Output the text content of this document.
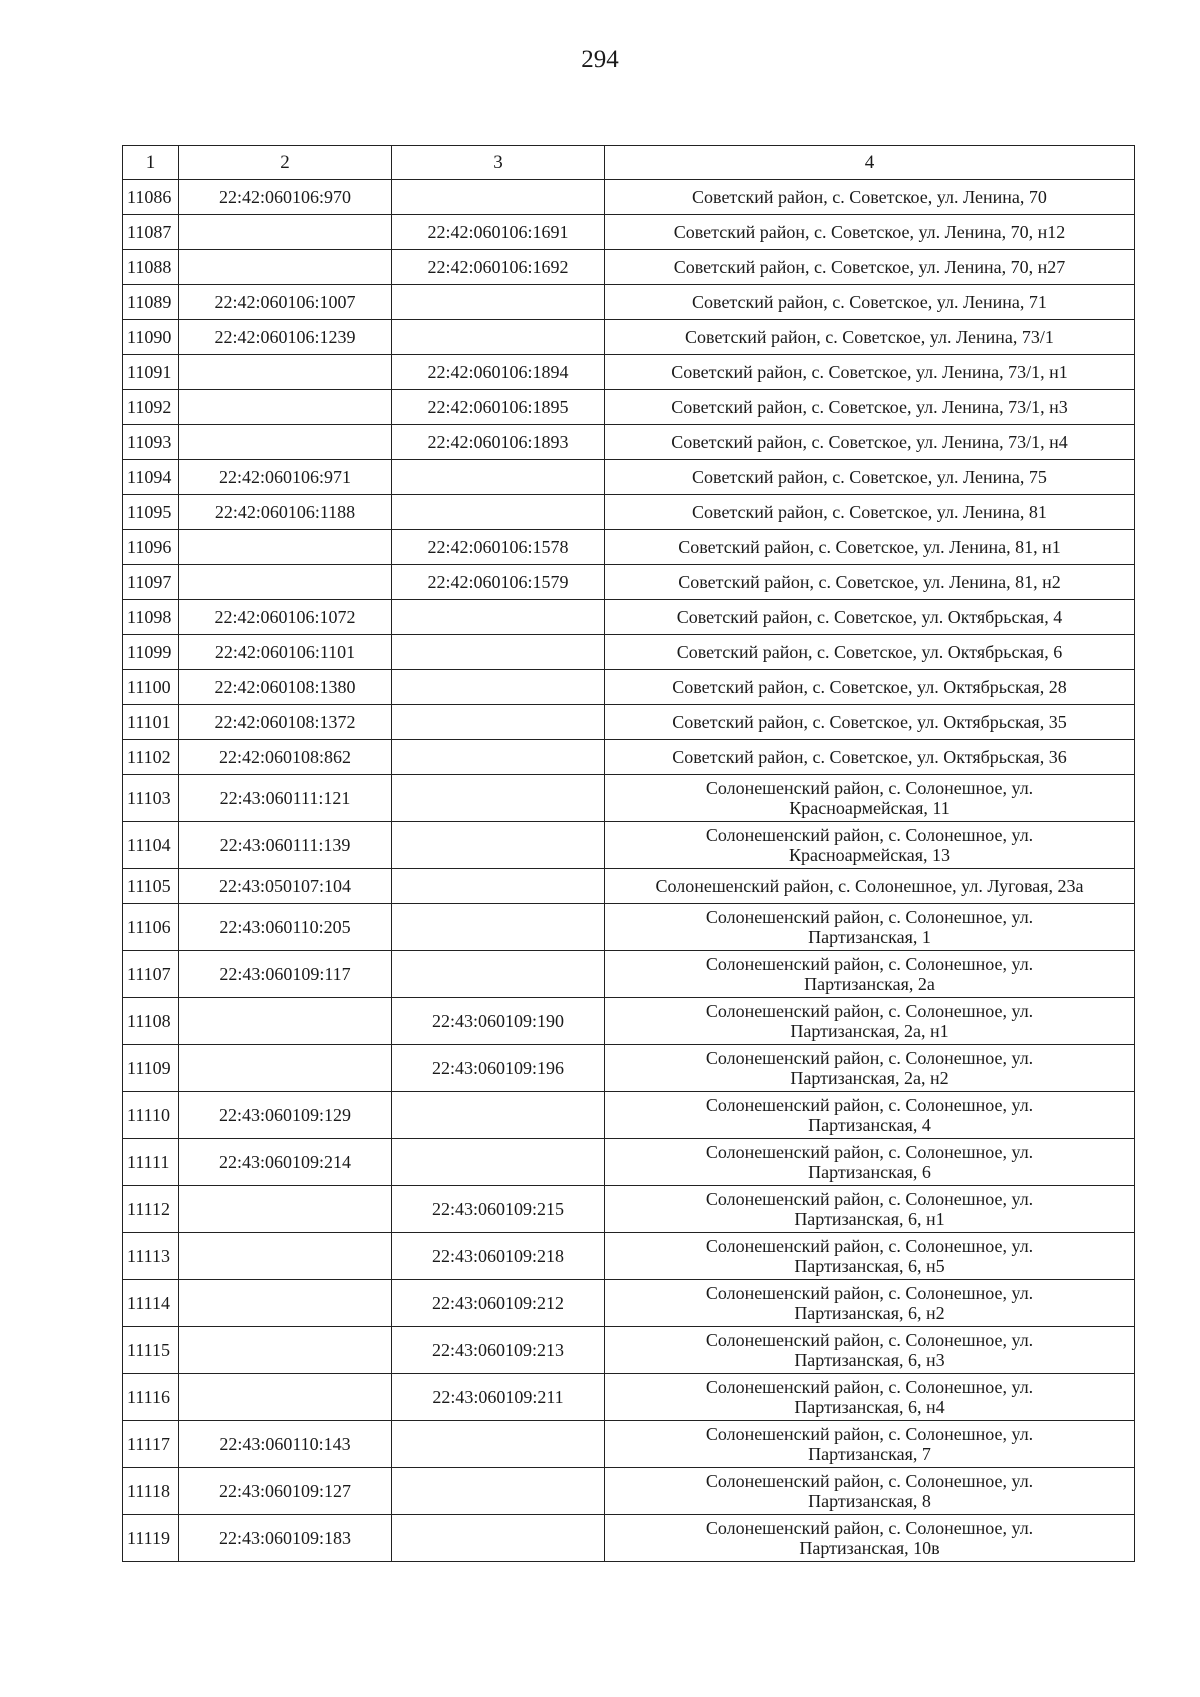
294
1	2	3	4
11086	22:42:060106:970		Советский район, с. Советское, ул. Ленина, 70
11087		22:42:060106:1691	Советский район, с. Советское, ул. Ленина, 70, н12
11088		22:42:060106:1692	Советский район, с. Советское, ул. Ленина, 70, н27
11089	22:42:060106:1007		Советский район, с. Советское, ул. Ленина, 71
11090	22:42:060106:1239		Советский район, с. Советское, ул. Ленина, 73/1
11091		22:42:060106:1894	Советский район, с. Советское, ул. Ленина, 73/1, н1
11092		22:42:060106:1895	Советский район, с. Советское, ул. Ленина, 73/1, н3
11093		22:42:060106:1893	Советский район, с. Советское, ул. Ленина, 73/1, н4
11094	22:42:060106:971		Советский район, с. Советское, ул. Ленина, 75
11095	22:42:060106:1188		Советский район, с. Советское, ул. Ленина, 81
11096		22:42:060106:1578	Советский район, с. Советское, ул. Ленина, 81, н1
11097		22:42:060106:1579	Советский район, с. Советское, ул. Ленина, 81, н2
11098	22:42:060106:1072		Советский район, с. Советское, ул. Октябрьская, 4
11099	22:42:060106:1101		Советский район, с. Советское, ул. Октябрьская, 6
11100	22:42:060108:1380		Советский район, с. Советское, ул. Октябрьская, 28
11101	22:42:060108:1372		Советский район, с. Советское, ул. Октябрьская, 35
11102	22:42:060108:862		Советский район, с. Советское, ул. Октябрьская, 36
11103	22:43:060111:121		Солонешенский район, с. Солонешное, ул.
Красноармейская, 11

11104	22:43:060111:139		Солонешенский район, с. Солонешное, ул.
Красноармейская, 13

11105	22:43:050107:104		Солонешенский район, с. Солонешное, ул. Луговая, 23а
11106	22:43:060110:205		Солонешенский район, с. Солонешное, ул.
Партизанская, 1

11107	22:43:060109:117		Солонешенский район, с. Солонешное, ул.
Партизанская, 2а

11108		22:43:060109:190	Солонешенский район, с. Солонешное, ул.
Партизанская, 2а, н1

11109		22:43:060109:196	Солонешенский район, с. Солонешное, ул.
Партизанская, 2а, н2

11110	22:43:060109:129		Солонешенский район, с. Солонешное, ул.
Партизанская, 4

11111	22:43:060109:214		Солонешенский район, с. Солонешное, ул.
Партизанская, 6

11112		22:43:060109:215	Солонешенский район, с. Солонешное, ул.
Партизанская, 6, н1

11113		22:43:060109:218	Солонешенский район, с. Солонешное, ул.
Партизанская, 6, н5

11114		22:43:060109:212	Солонешенский район, с. Солонешное, ул.
Партизанская, 6, н2

11115		22:43:060109:213	Солонешенский район, с. Солонешное, ул.
Партизанская, 6, н3

11116		22:43:060109:211	Солонешенский район, с. Солонешное, ул.
Партизанская, 6, н4

11117	22:43:060110:143		Солонешенский район, с. Солонешное, ул.
Партизанская, 7

11118	22:43:060109:127		Солонешенский район, с. Солонешное, ул.
Партизанская, 8

11119	22:43:060109:183		Солонешенский район, с. Солонешное, ул.
Партизанская, 10в
